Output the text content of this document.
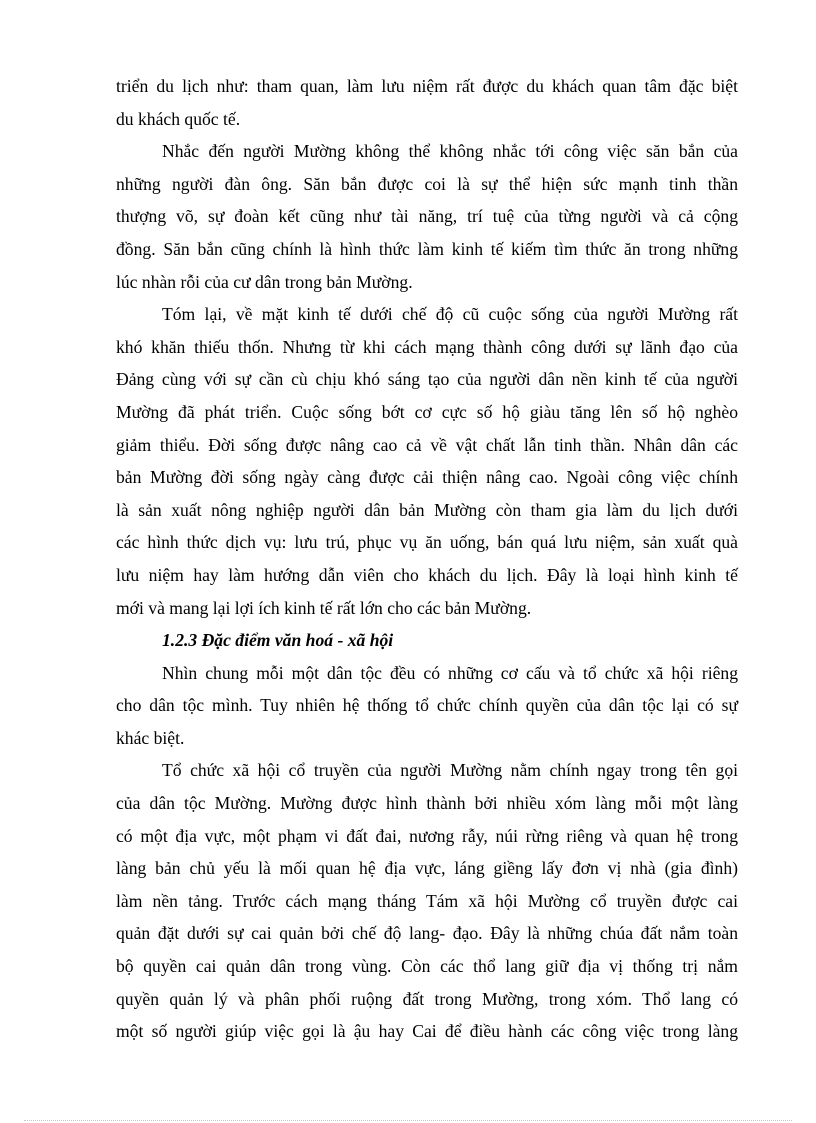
triển du lịch như: tham quan, làm lưu niệm rất được du khách quan tâm đặc biệt
du khách quốc tế.
Nhắc đến người Mường không thể không nhắc tới công việc săn bắn của
những người đàn ông. Săn bắn được coi là sự thể hiện sức mạnh tinh thần
thượng võ, sự đoàn kết cũng như tài năng, trí tuệ của từng người và cả cộng
đồng. Săn bắn cũng chính là hình thức làm kinh tế kiếm tìm thức ăn trong những
lúc nhàn rỗi của cư dân trong bản Mường.
Tóm lại, về mặt kinh tế dưới chế độ cũ cuộc sống của người Mường rất
khó khăn thiếu thốn. Nhưng từ khi cách mạng thành công dưới sự lãnh đạo của
Đảng cùng với sự cần cù chịu khó sáng tạo của người dân nền kinh tế của người
Mường đã phát triển. Cuộc sống bớt cơ cực số hộ giàu tăng lên số hộ nghèo
giảm thiểu. Đời sống được nâng cao cả về vật chất lẫn tinh thần. Nhân dân các
bản Mường đời sống ngày càng được cải thiện nâng cao. Ngoài công việc chính
là sản xuất nông nghiệp người dân bản Mường còn tham gia làm du lịch dưới
các hình thức dịch vụ: lưu trú, phục vụ ăn uống, bán quá lưu niệm, sản xuất quà
lưu niệm hay làm hướng dẫn viên cho khách du lịch. Đây là loại hình kinh tế
mới và mang lại lợi ích kinh tế rất lớn cho các bản Mường.
1.2.3 Đặc điểm văn hoá - xã hội
Nhìn chung mỗi một dân tộc đều có những cơ cấu và tổ chức xã hội riêng
cho dân tộc mình. Tuy nhiên hệ thống tổ chức chính quyền của dân tộc lại có sự
khác biệt.
Tổ chức xã hội cổ truyền của người Mường nằm chính ngay trong tên gọi
của dân tộc Mường. Mường được hình thành bởi nhiều xóm làng mỗi một làng
có một địa vực, một phạm vi đất đai, nương rẫy, núi rừng riêng và quan hệ trong
làng bản chủ yếu là mối quan hệ địa vực, láng giềng lấy đơn vị nhà (gia đình)
làm nền tảng. Trước cách mạng tháng Tám xã hội Mường cổ truyền được cai
quản đặt dưới sự cai quản bởi chế độ lang- đạo. Đây là những chúa đất nắm toàn
bộ quyền cai quản dân trong vùng. Còn các thổ lang giữ địa vị thống trị nắm
quyền quản lý và phân phối ruộng đất trong Mường, trong xóm. Thổ lang có
một số người giúp việc gọi là ậu hay Cai để điều hành các công việc trong làng
